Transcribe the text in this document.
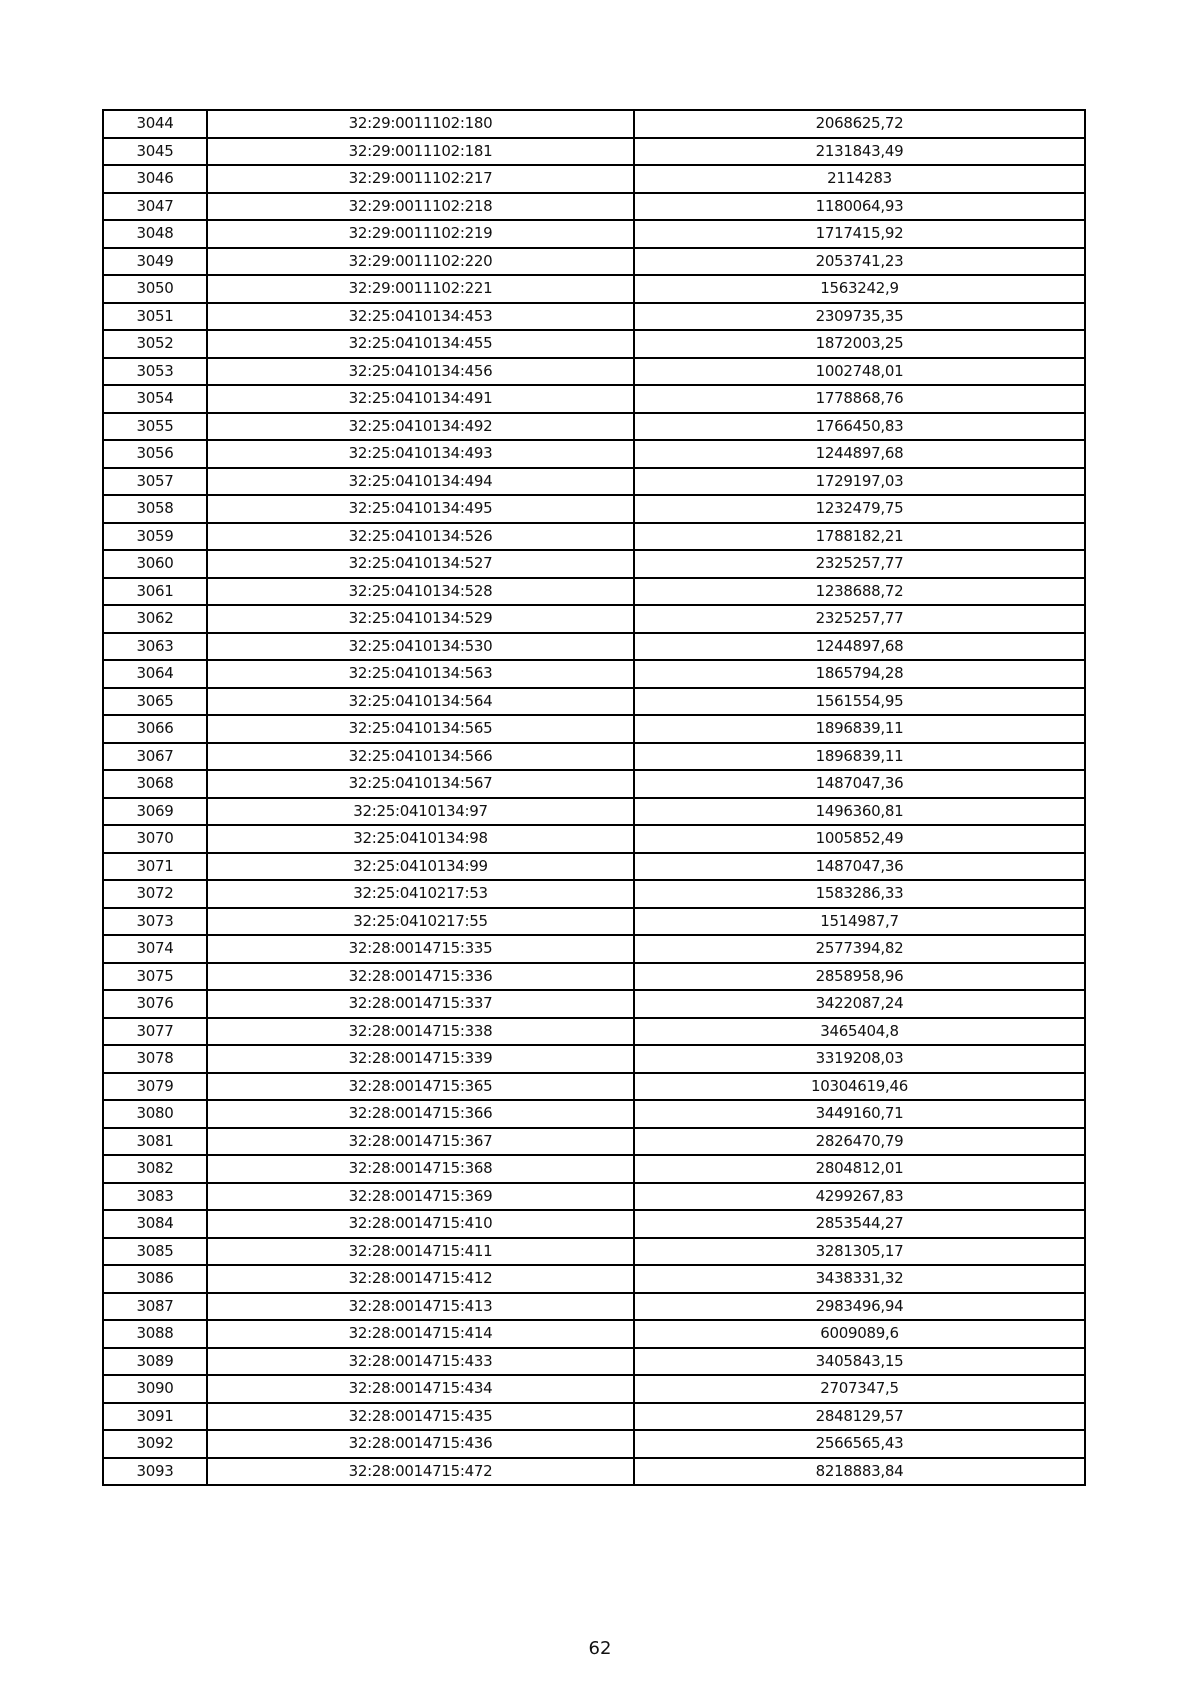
3044	32:29:0011102:180	2068625,72
3045	32:29:0011102:181	2131843,49
3046	32:29:0011102:217	2114283
3047	32:29:0011102:218	1180064,93
3048	32:29:0011102:219	1717415,92
3049	32:29:0011102:220	2053741,23
3050	32:29:0011102:221	1563242,9
3051	32:25:0410134:453	2309735,35
3052	32:25:0410134:455	1872003,25
3053	32:25:0410134:456	1002748,01
3054	32:25:0410134:491	1778868,76
3055	32:25:0410134:492	1766450,83
3056	32:25:0410134:493	1244897,68
3057	32:25:0410134:494	1729197,03
3058	32:25:0410134:495	1232479,75
3059	32:25:0410134:526	1788182,21
3060	32:25:0410134:527	2325257,77
3061	32:25:0410134:528	1238688,72
3062	32:25:0410134:529	2325257,77
3063	32:25:0410134:530	1244897,68
3064	32:25:0410134:563	1865794,28
3065	32:25:0410134:564	1561554,95
3066	32:25:0410134:565	1896839,11
3067	32:25:0410134:566	1896839,11
3068	32:25:0410134:567	1487047,36
3069	32:25:0410134:97	1496360,81
3070	32:25:0410134:98	1005852,49
3071	32:25:0410134:99	1487047,36
3072	32:25:0410217:53	1583286,33
3073	32:25:0410217:55	1514987,7
3074	32:28:0014715:335	2577394,82
3075	32:28:0014715:336	2858958,96
3076	32:28:0014715:337	3422087,24
3077	32:28:0014715:338	3465404,8
3078	32:28:0014715:339	3319208,03
3079	32:28:0014715:365	10304619,46
3080	32:28:0014715:366	3449160,71
3081	32:28:0014715:367	2826470,79
3082	32:28:0014715:368	2804812,01
3083	32:28:0014715:369	4299267,83
3084	32:28:0014715:410	2853544,27
3085	32:28:0014715:411	3281305,17
3086	32:28:0014715:412	3438331,32
3087	32:28:0014715:413	2983496,94
3088	32:28:0014715:414	6009089,6
3089	32:28:0014715:433	3405843,15
3090	32:28:0014715:434	2707347,5
3091	32:28:0014715:435	2848129,57
3092	32:28:0014715:436	2566565,43
3093	32:28:0014715:472	8218883,84
62
